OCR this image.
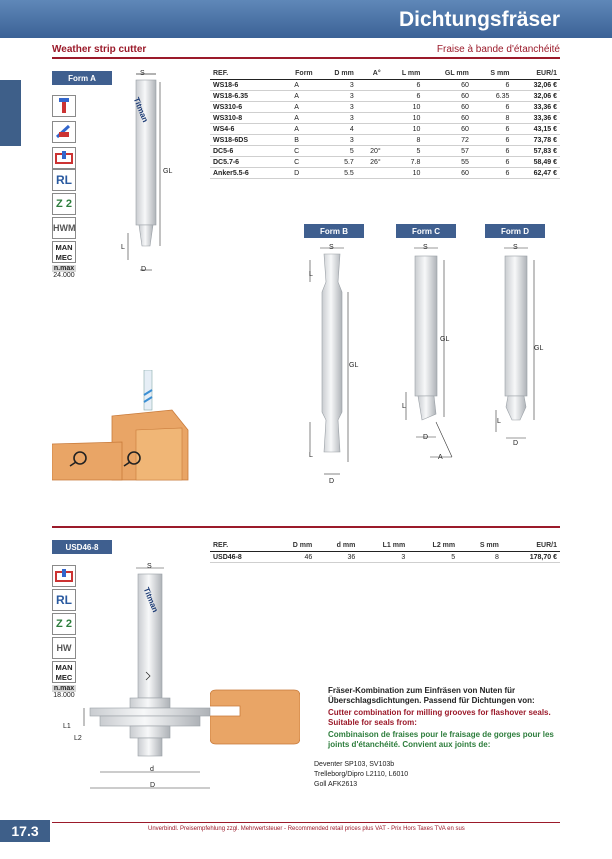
Dichtungsfräser
Weather strip cutter	Fraise à bande d'étanchéité
Form A
RL
Z 2
HWM
MAN
MEC
n.max
24.000
S
GL
L
D
Titman
REF.	Form	D mm	A°	L mm	GL mm	S mm	EUR/1
WS18-6	A	3		6	60	6	32,06 €
WS18-6.35	A	3		6	60	6.35	32,06 €
WS310-6	A	3		10	60	6	33,36 €
WS310-8	A	3		10	60	8	33,36 €
WS4-6	A	4		10	60	6	43,15 €
WS18-6DS	B	3		8	72	6	73,78 €
DC5-6	C	5	20°	5	57	6	57,83 €
DC5.7-6	C	5.7	26°	7.8	55	6	58,49 €
Anker5.5-6	D	5.5		10	60	6	62,47 €
Form B	Form C	Form D
S
L
GL
L
D
S
GL
L
D
A
S
GL
L
D
USD46-8	REF.	D mm	d mm	L1 mm	L2 mm	S mm	EUR/1
USD46-8	46	36	3	5	8	178,70 €
RL
Z 2
HW
MAN
MEC
n.max
18.000
S
L1
L2
d
D
Titman
Fräser-Kombination zum Einfräsen von Nuten für Überschlagsdichtungen. Passend für Dichtungen von:
Cutter combination for milling grooves for flashover seals. Suitable for seals from:
Combinaison de fraises pour le fraisage de gorges pour les joints d'étanchéité. Convient aux joints de:
Deventer SP103, SV103b
Trelleborg/Dipro L2110, L6010
Goll AFK2613
17.3	Unverbindl. Preisempfehlung zzgl. Mehrwertsteuer - Recommended retail prices plus VAT - Prix Hors Taxes TVA en sus
